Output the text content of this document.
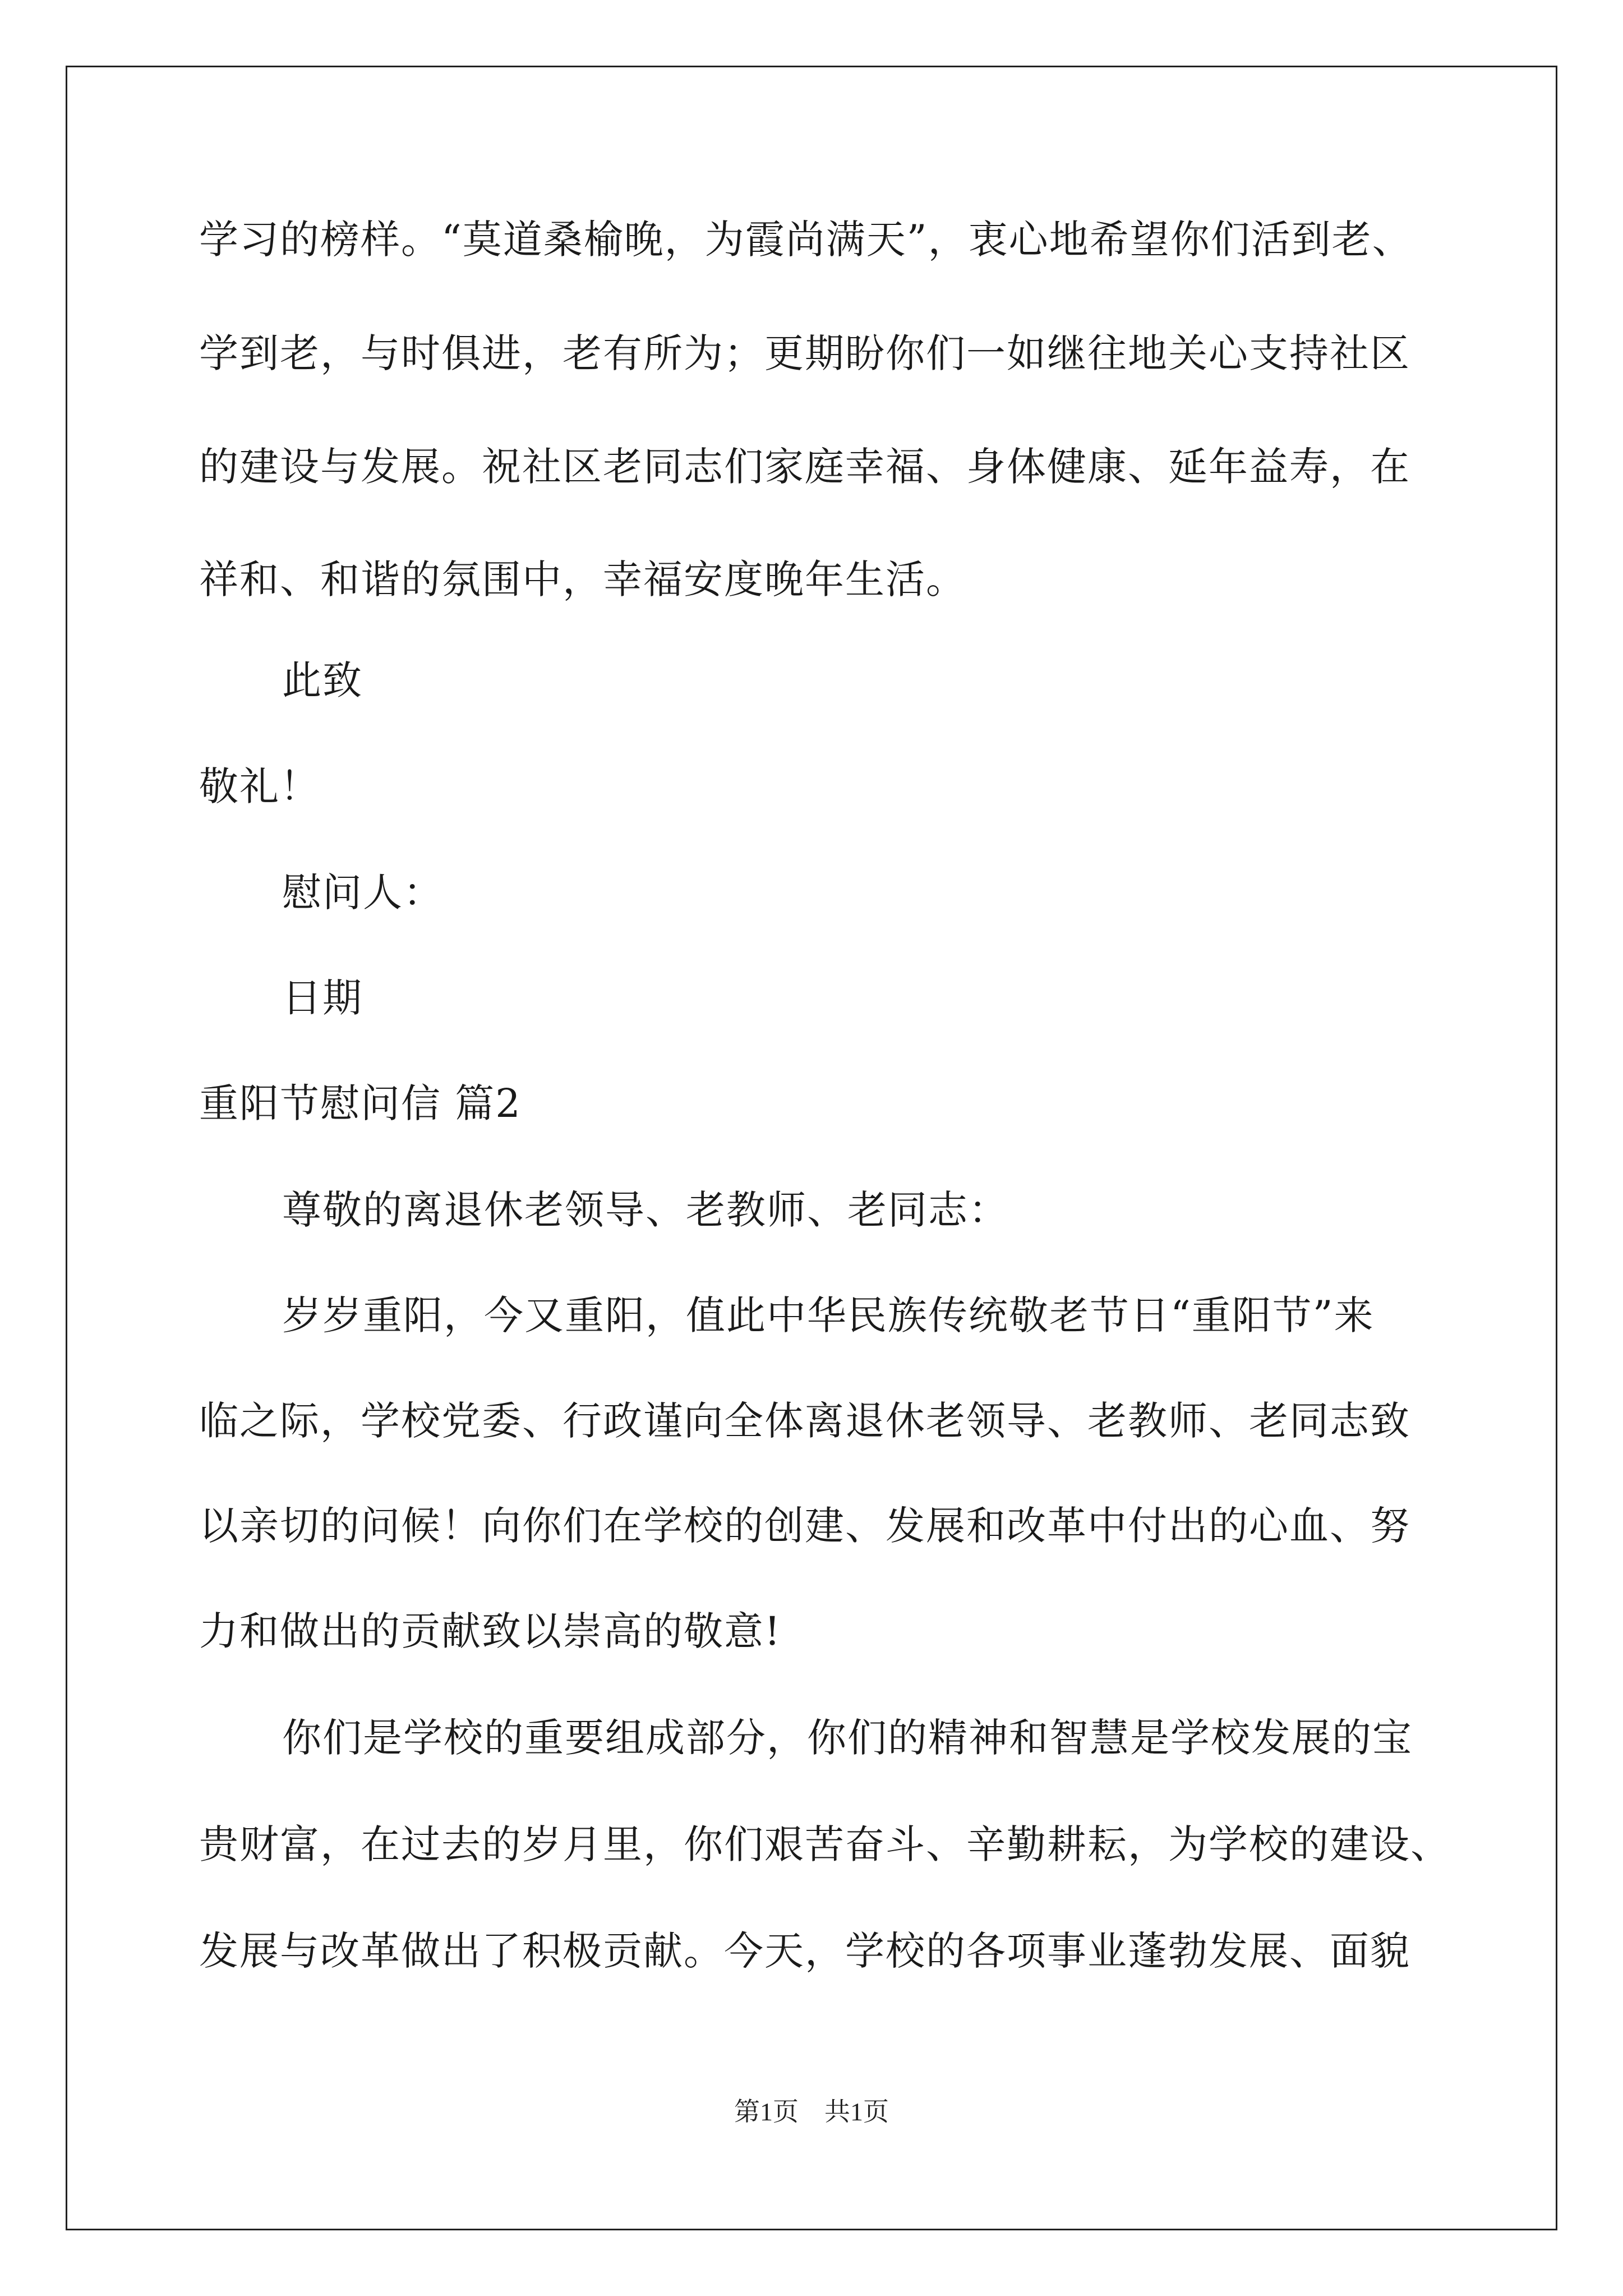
学习的榜样。“莫道桑榆晚，为霞尚满天”，衷心地希望你们活到老、
学到老，与时俱进，老有所为；更期盼你们一如继往地关心支持社区
的建设与发展。祝社区老同志们家庭幸福、身体健康、延年益寿，在
祥和、和谐的氛围中，幸福安度晚年生活。
此致
敬礼！
慰问人：
日期
重阳节慰问信 篇2
尊敬的离退休老领导、老教师、老同志：
岁岁重阳，今又重阳，值此中华民族传统敬老节日“重阳节”来
临之际，学校党委、行政谨向全体离退休老领导、老教师、老同志致
以亲切的问候！向你们在学校的创建、发展和改革中付出的心血、努
力和做出的贡献致以崇高的敬意!
你们是学校的重要组成部分，你们的精神和智慧是学校发展的宝
贵财富，在过去的岁月里，你们艰苦奋斗、辛勤耕耘，为学校的建设、
发展与改革做出了积极贡献。今天，学校的各项事业蓬勃发展、面貌
第1页　共1页
